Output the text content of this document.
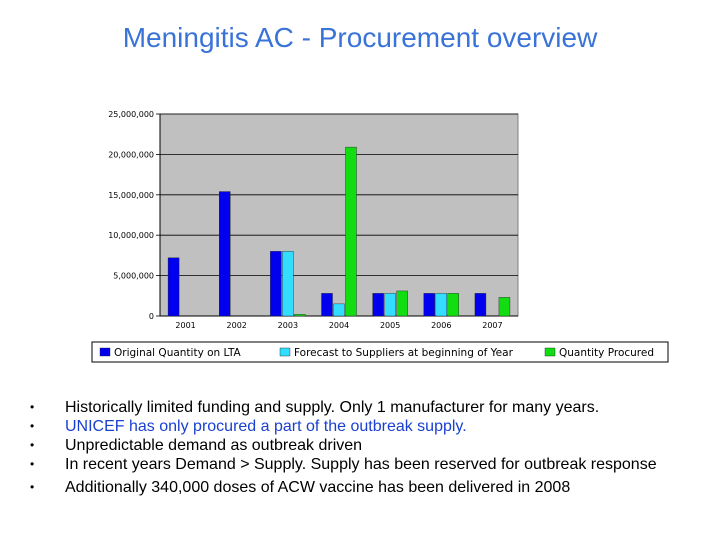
Meningitis AC - Procurement overview
0
5,000,000
10,000,000
15,000,000
20,000,000
25,000,000
2001	2002	2003	2004	2005	2006	2007
Original Quantity on LTA	Forecast to Suppliers at beginning of Year	Quantity Procured
•	Historically limited funding and supply. Only 1 manufacturer for many years.
•	UNICEF has only procured a part of the outbreak supply.
•	Unpredictable demand as outbreak driven
•	In recent years Demand > Supply. Supply has been reserved for outbreak response
•	Additionally 340,000 doses of ACW vaccine has been delivered in 2008
